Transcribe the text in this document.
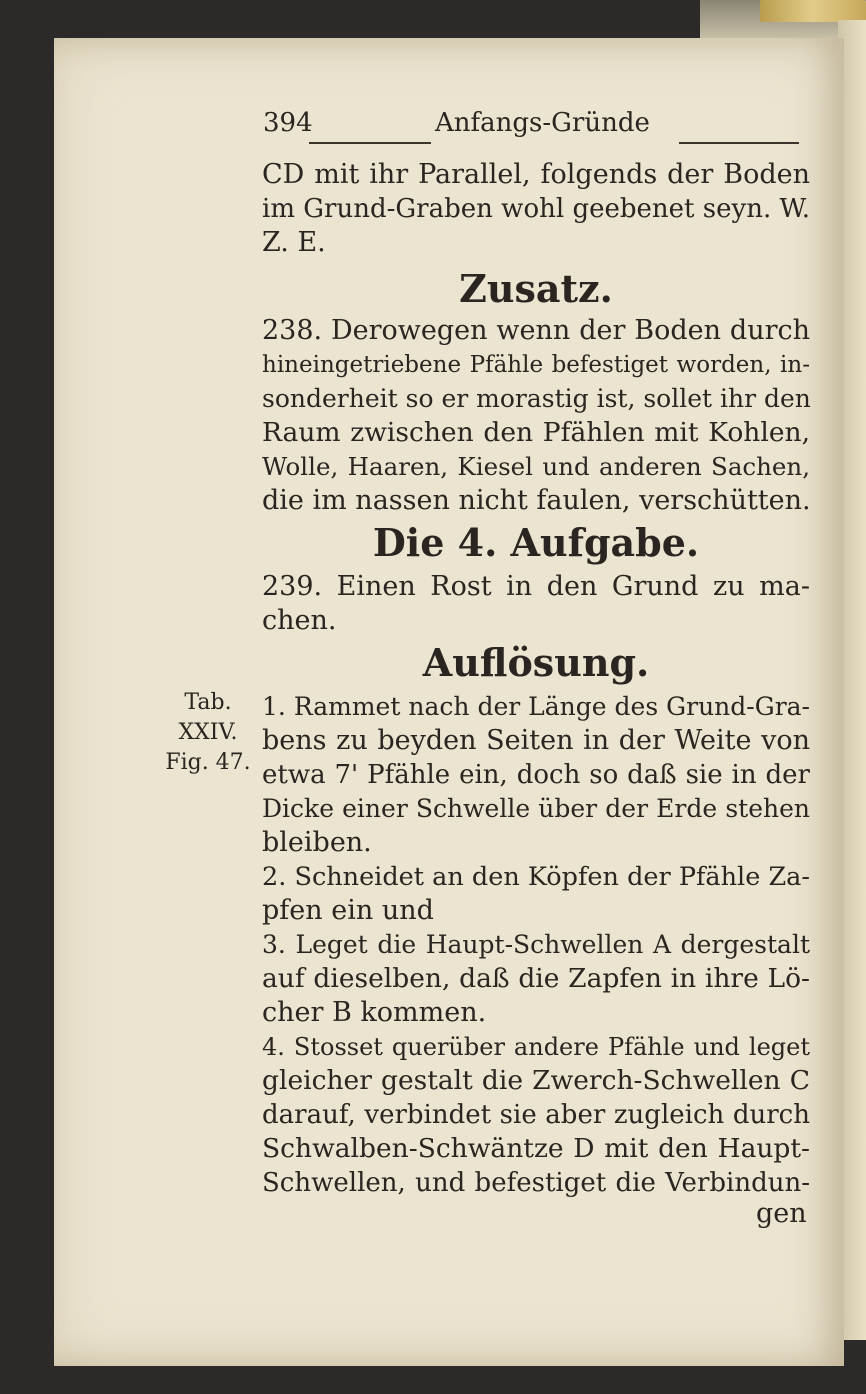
394	Anfangs-Gründe
CD mit ihr Parallel, folgends der Boden
im Grund-Graben wohl geebenet seyn. W.
Z. E.
Zusatz.
238. Derowegen wenn der Boden durch
hineingetriebene Pfähle befestiget worden, in-
sonderheit so er morastig ist, sollet ihr den
Raum zwischen den Pfählen mit Kohlen,
Wolle, Haaren, Kiesel und anderen Sachen,
die im nassen nicht faulen, verschütten.
Die 4. Aufgabe.
239. Einen Rost in den Grund zu ma-
chen.
Auflösung.
Tab.
XXIV.
Fig. 47.
1. Rammet nach der Länge des Grund-Gra-
bens zu beyden Seiten in der Weite von
etwa 7' Pfähle ein, doch so daß sie in der
Dicke einer Schwelle über der Erde stehen
bleiben.
2. Schneidet an den Köpfen der Pfähle Za-
pfen ein und
3. Leget die Haupt-Schwellen A dergestalt
auf dieselben, daß die Zapfen in ihre Lö-
cher B kommen.
4. Stosset querüber andere Pfähle und leget
gleicher gestalt die Zwerch-Schwellen C
darauf, verbindet sie aber zugleich durch
Schwalben-Schwäntze D mit den Haupt-
Schwellen, und befestiget die Verbindun-
gen
